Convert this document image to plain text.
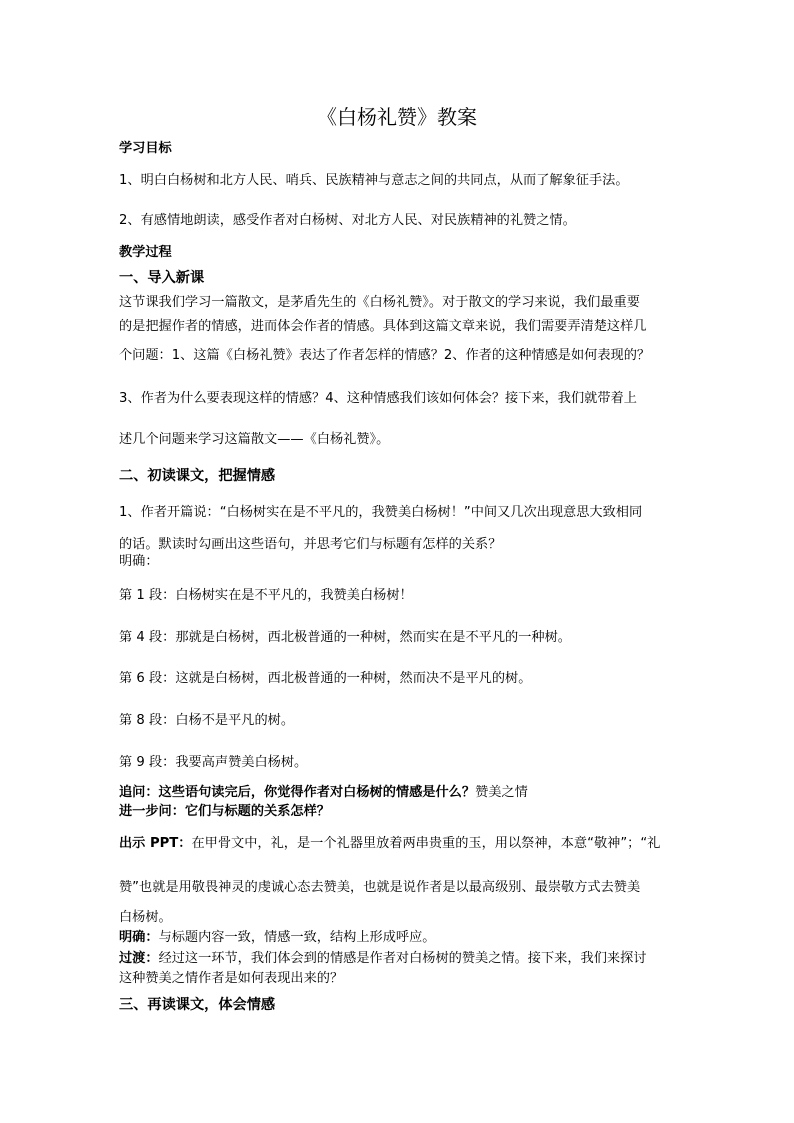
《白杨礼赞》教案
学习目标
1、明白白杨树和北方人民、哨兵、民族精神与意志之间的共同点，从而了解象征手法。
2、有感情地朗读，感受作者对白杨树、对北方人民、对民族精神的礼赞之情。
教学过程
一、导入新课
这节课我们学习一篇散文，是茅盾先生的《白杨礼赞》。对于散文的学习来说，我们最重要
的是把握作者的情感，进而体会作者的情感。具体到这篇文章来说，我们需要弄清楚这样几
个问题：1、这篇《白杨礼赞》表达了作者怎样的情感？2、作者的这种情感是如何表现的？
3、作者为什么要表现这样的情感？4、这种情感我们该如何体会？接下来，我们就带着上
述几个问题来学习这篇散文——《白杨礼赞》。
二、初读课文，把握情感
1、作者开篇说：“白杨树实在是不平凡的，我赞美白杨树！”中间又几次出现意思大致相同
的话。默读时勾画出这些语句，并思考它们与标题有怎样的关系？
明确：
第 1 段：白杨树实在是不平凡的，我赞美白杨树！
第 4 段：那就是白杨树，西北极普通的一种树，然而实在是不平凡的一种树。
第 6 段：这就是白杨树，西北极普通的一种树，然而决不是平凡的树。
第 8 段：白杨不是平凡的树。
第 9 段：我要高声赞美白杨树。
追问：这些语句读完后，你觉得作者对白杨树的情感是什么？赞美之情
进一步问：它们与标题的关系怎样？
出示 PPT：在甲骨文中，礼，是一个礼器里放着两串贵重的玉，用以祭神，本意“敬神”；“礼
赞”也就是用敬畏神灵的虔诚心态去赞美，也就是说作者是以最高级别、最崇敬方式去赞美
白杨树。
明确：与标题内容一致，情感一致，结构上形成呼应。
过渡：经过这一环节，我们体会到的情感是作者对白杨树的赞美之情。接下来，我们来探讨
这种赞美之情作者是如何表现出来的？
三、再读课文，体会情感
